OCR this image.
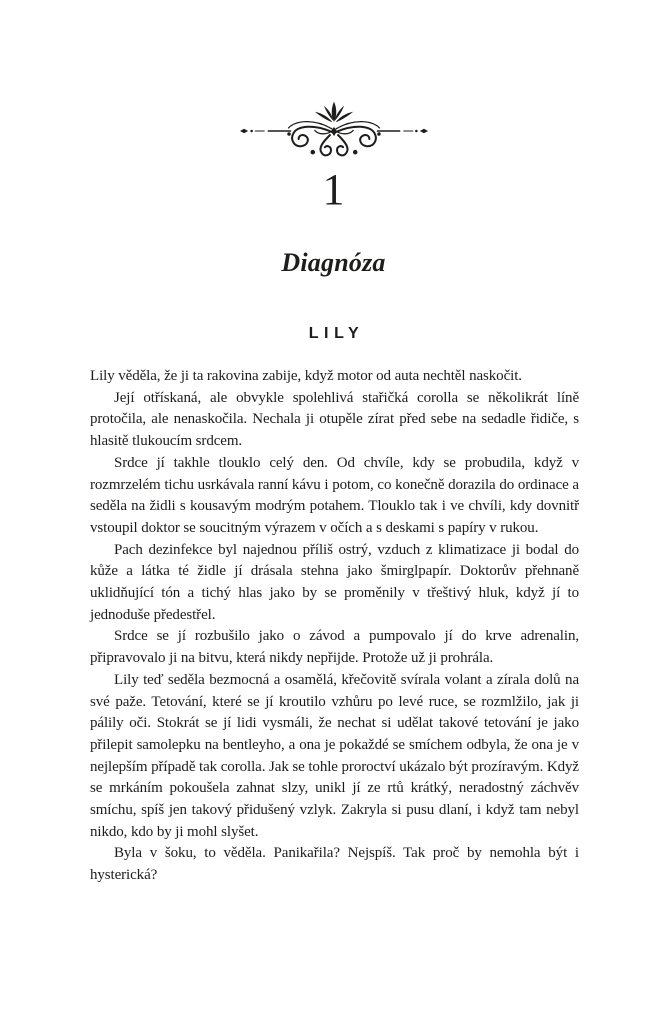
1
Diagnóza
LILY

Lily věděla, že ji ta rakovina zabije, když motor od auta nechtěl naskočit.

Její otřískaná, ale obvykle spolehlivá stařičká corolla se několikrát líně protočila, ale nenaskočila. Nechala ji otupěle zírat před sebe na sedadle řidiče, s hlasitě tlukoucím srdcem.

Srdce jí takhle tlouklo celý den. Od chvíle, kdy se probudila, když v rozmrzelém tichu usrkávala ranní kávu i potom, co konečně dorazila do ordinace a seděla na židli s kousavým modrým potahem. Tlouklo tak i ve chvíli, kdy dovnitř vstoupil doktor se soucitným výrazem v očích a s deskami s papíry v rukou.

Pach dezinfekce byl najednou příliš ostrý, vzduch z klimatizace ji bodal do kůže a látka té židle jí drásala stehna jako šmirglpapír. Doktorův přehnaně uklidňující tón a tichý hlas jako by se proměnily v třeštivý hluk, když jí to jednoduše předestřel.

Srdce se jí rozbušilo jako o závod a pumpovalo jí do krve adrenalin, připravovalo ji na bitvu, která nikdy nepřijde. Protože už ji prohrála.

Lily teď seděla bezmocná a osamělá, křečovitě svírala volant a zírala dolů na své paže. Tetování, které se jí kroutilo vzhůru po levé ruce, se rozmlžilo, jak ji pálily oči. Stokrát se jí lidi vysmáli, že nechat si udělat takové tetování je jako přilepit samolepku na bentleyho, a ona je pokaždé se smíchem odbyla, že ona je v nejlepším případě tak corolla. Jak se tohle proroctví ukázalo být prozíravým. Když se mrkáním pokoušela zahnat slzy, unikl jí ze rtů krátký, neradostný záchvěv smíchu, spíš jen takový přidušený vzlyk. Zakryla si pusu dlaní, i když tam nebyl nikdo, kdo by ji mohl slyšet.

Byla v šoku, to věděla. Panikařila? Nejspíš. Tak proč by nemohla být i hysterická?
